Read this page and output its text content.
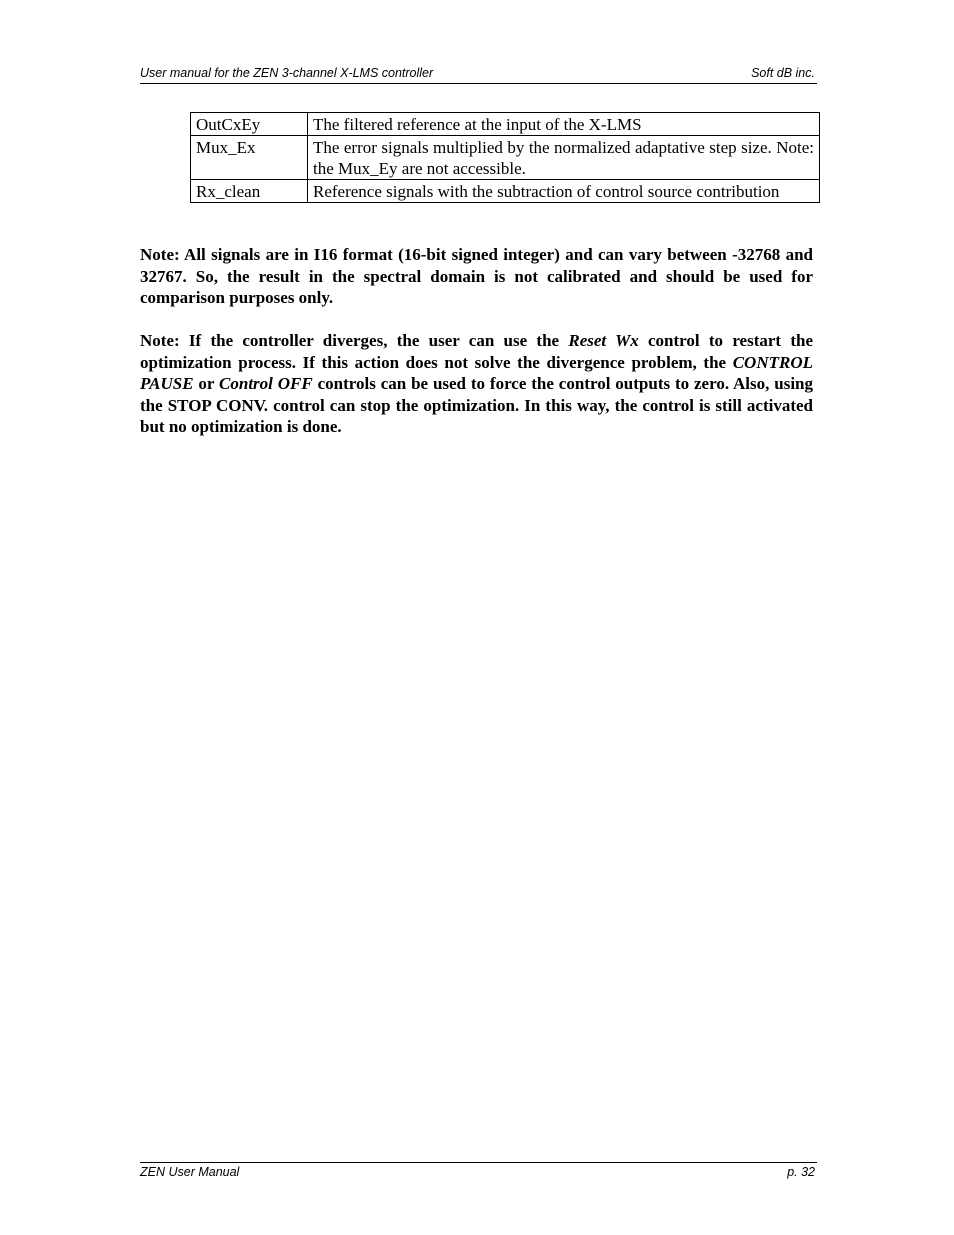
User manual for the ZEN 3-channel X-LMS controller	Soft dB inc.
OutCxEy	The filtered reference at the input of the X-LMS
Mux_Ex	The error signals multiplied by the normalized adaptative step size. Note: the Mux_Ey are not accessible.
Rx_clean	Reference signals with the subtraction of control source contribution

Note: All signals are in I16 format (16-bit signed integer) and can vary between -32768 and 32767. So, the result in the spectral domain is not calibrated and should be used for comparison purposes only.

Note: If the controller diverges, the user can use the Reset Wx control to restart the optimization process. If this action does not solve the divergence problem, the CONTROL PAUSE or Control OFF controls can be used to force the control outputs to zero. Also, using the STOP CONV. control can stop the optimization. In this way, the control is still activated but no optimization is done.

ZEN User Manual	p. 32
